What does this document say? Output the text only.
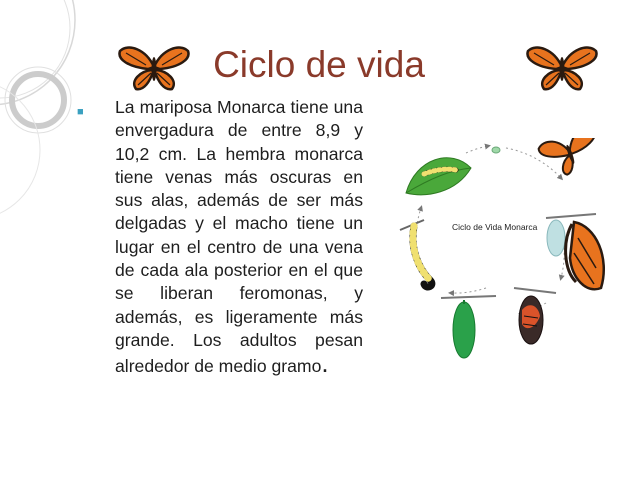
Ciclo de vida
■ La mariposa Monarca tiene una envergadura de entre 8,9 y 10,2 cm. La hembra monarca tiene venas más oscuras en sus alas, además de ser más delgadas y el macho tiene un lugar en el centro de una vena de cada ala posterior en el que se liberan feromonas, y además, es ligeramente más grande. Los adultos pesan
alrededor de medio gramo.
Ciclo de Vida Monarca
